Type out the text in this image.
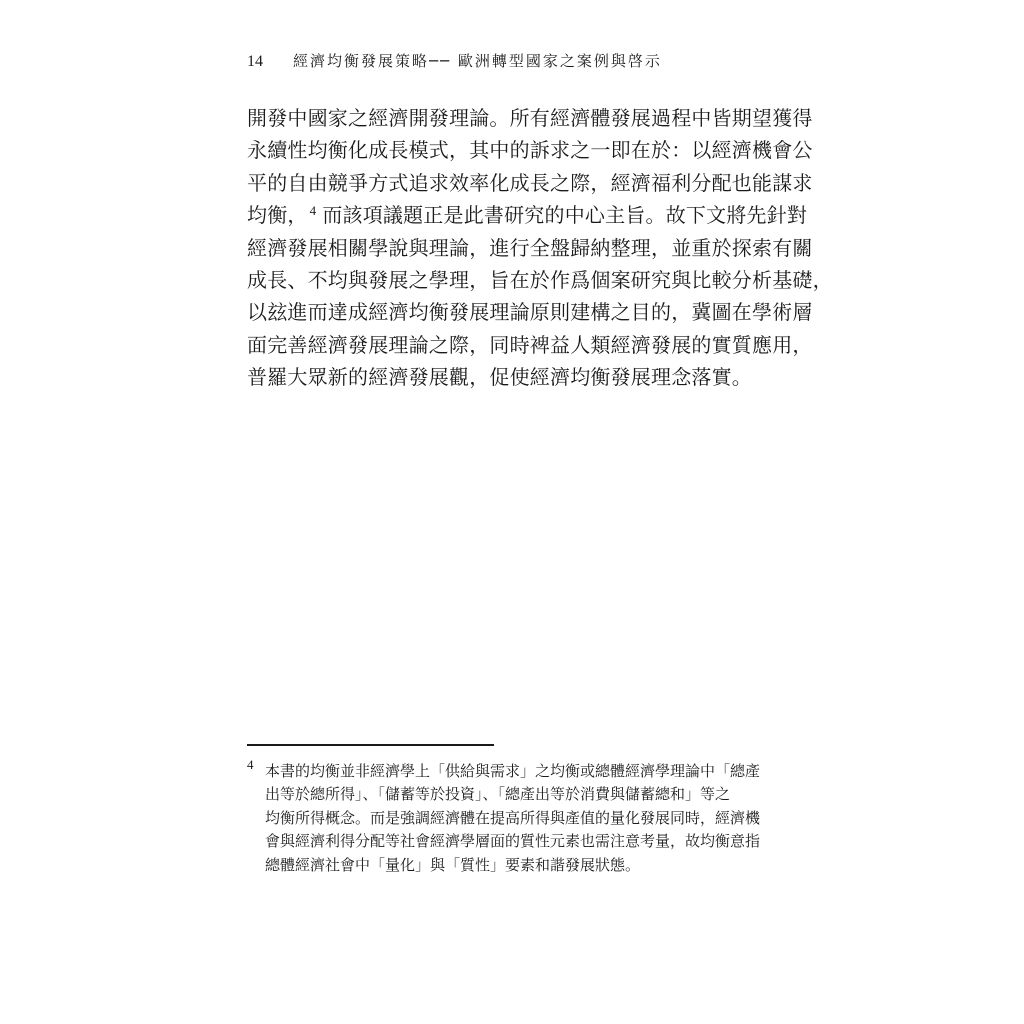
14 經濟均衡發展策略── 歐洲轉型國家之案例與啓示
開發中國家之經濟開發理論。所有經濟體發展過程中皆期望獲得
永續性均衡化成長模式，其中的訴求之一即在於：以經濟機會公
平的自由競爭方式追求效率化成長之際，經濟福利分配也能謀求
均衡， $^4$ 而該項議題正是此書研究的中心主旨。故下文將先針對
經濟發展相關學說與理論，進行全盤歸納整理，並重於探索有關
成長、不均與發展之學理，旨在於作爲個案研究與比較分析基礎，
以玆進而達成經濟均衡發展理論原則建構之目的，冀圖在學術層
面完善經濟發展理論之際，同時裨益人類經濟發展的實質應用，
普羅大眾新的經濟發展觀，促使經濟均衡發展理念落實。
4 本書的均衡並非經濟學上「供給與需求」之均衡或總體經濟學理論中「總產
出等於總所得」、「儲蓄等於投資」、「總產出等於消費與儲蓄總和」等之
均衡所得概念。而是強調經濟體在提高所得與產值的量化發展同時，經濟機
會與經濟利得分配等社會經濟學層面的質性元素也需注意考量，故均衡意指
總體經濟社會中「量化」與「質性」要素和諧發展狀態。
